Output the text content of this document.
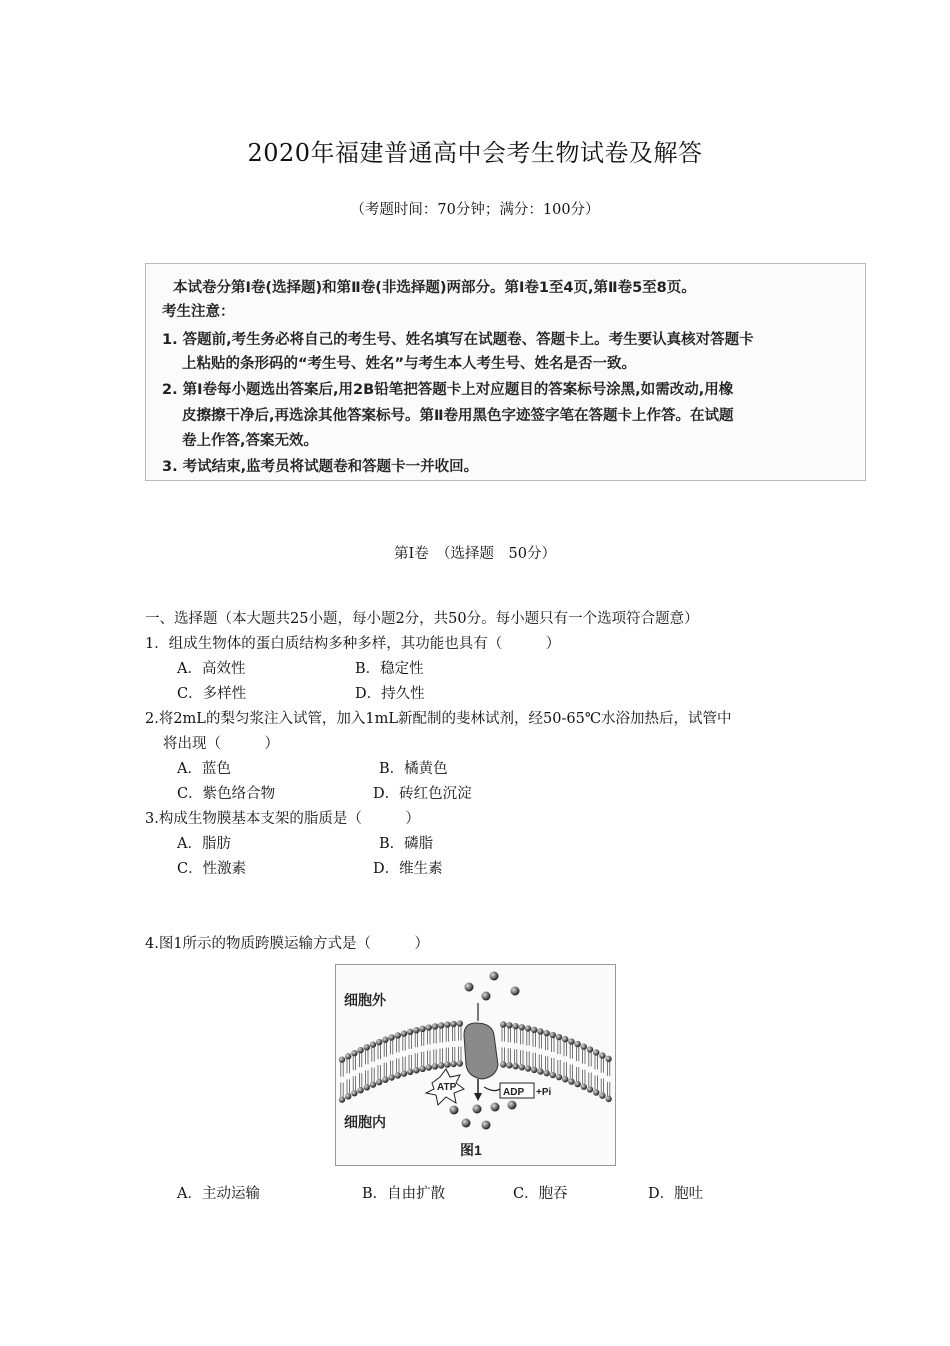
2020年福建普通高中会考生物试卷及解答
（考题时间：70分钟；满分：100分）
本试卷分第Ⅰ卷(选择题)和第Ⅱ卷(非选择题)两部分。第Ⅰ卷1至4页,第Ⅱ卷5至8页。
考生注意：
1. 答题前,考生务必将自己的考生号、姓名填写在试题卷、答题卡上。考生要认真核对答题卡
上粘贴的条形码的“考生号、姓名”与考生本人考生号、姓名是否一致。
2. 第Ⅰ卷每小题选出答案后,用2B铅笔把答题卡上对应题目的答案标号涂黑,如需改动,用橡
皮擦擦干净后,再选涂其他答案标号。第Ⅱ卷用黑色字迹签字笔在答题卡上作答。在试题
卷上作答,答案无效。
3. 考试结束,监考员将试题卷和答题卡一并收回。
第Ⅰ卷　（选择题　50分）
一、选择题（本大题共25小题，每小题2分，共50分。每小题只有一个选项符合题意）
1．组成生物体的蛋白质结构多种多样，其功能也具有（　　　）
A．高效性	B．稳定性
C．多样性	D．持久性
2.将2mL的梨匀浆注入试管，加入1mL新配制的斐林试剂，经50-65℃水浴加热后，试管中
将出现（　　　）
A．蓝色	B．橘黄色
C．紫色络合物	D．砖红色沉淀
3.构成生物膜基本支架的脂质是（　　　）
A．脂肪	B．磷脂
C．性激素	D．维生素
4.图1所示的物质跨膜运输方式是（　　　）
ATP	ADP +Pi
细胞外
细胞内
图1
A．主动运输	B．自由扩散	C．胞吞	D．胞吐
